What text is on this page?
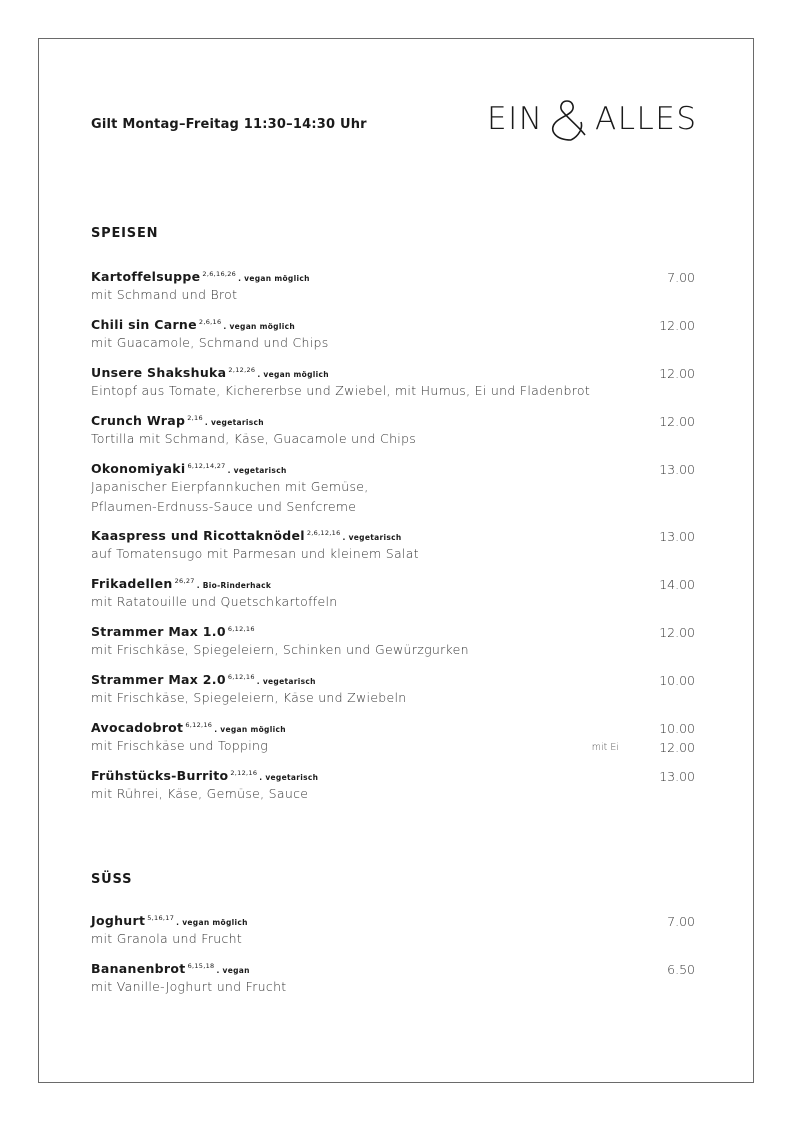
Gilt Montag–Freitag 11:30–14:30 Uhr	EIN ALLES
SPEISEN
Kartoffelsuppe $^{2,6,16,26}$ . vegan möglich
mit Schmand und Brot
7.00
Chili sin Carne $^{2,6,16}$ . vegan möglich
mit Guacamole, Schmand und Chips
12.00
Unsere Shakshuka $^{2,12,26}$ . vegan möglich
Eintopf aus Tomate, Kichererbse und Zwiebel, mit Humus, Ei und Fladenbrot
12.00
Crunch Wrap $^{2,16}$ . vegetarisch
Tortilla mit Schmand, Käse, Guacamole und Chips
12.00
Okonomiyaki $^{6,12,14,27}$ . vegetarisch
Japanischer Eierpfannkuchen mit Gemüse,
Pflaumen-Erdnuss-Sauce und Senfcreme
13.00
Kaaspress und Ricottaknödel $^{2,6,12,16}$ . vegetarisch
auf Tomatensugo mit Parmesan und kleinem Salat
13.00
Frikadellen $^{26,27}$ . Bio-Rinderhack
mit Ratatouille und Quetschkartoffeln
14.00
Strammer Max 1.0 $^{6,12,16}$
mit Frischkäse, Spiegeleiern, Schinken und Gewürzgurken
12.00
Strammer Max 2.0 $^{6,12,16}$ . vegetarisch
mit Frischkäse, Spiegeleiern, Käse und Zwiebeln
10.00
Avocadobrot $^{6,12,16}$ . vegan möglich
mit Frischkäse und Topping
10.00
mit Ei	12.00
Frühstücks-Burrito $^{2,12,16}$ . vegetarisch
mit Rührei, Käse, Gemüse, Sauce
13.00
SÜSS
Joghurt $^{5,16,17}$ . vegan möglich
mit Granola und Frucht
7.00
Bananenbrot $^{6,15,18}$ . vegan
mit Vanille-Joghurt und Frucht
6.50
